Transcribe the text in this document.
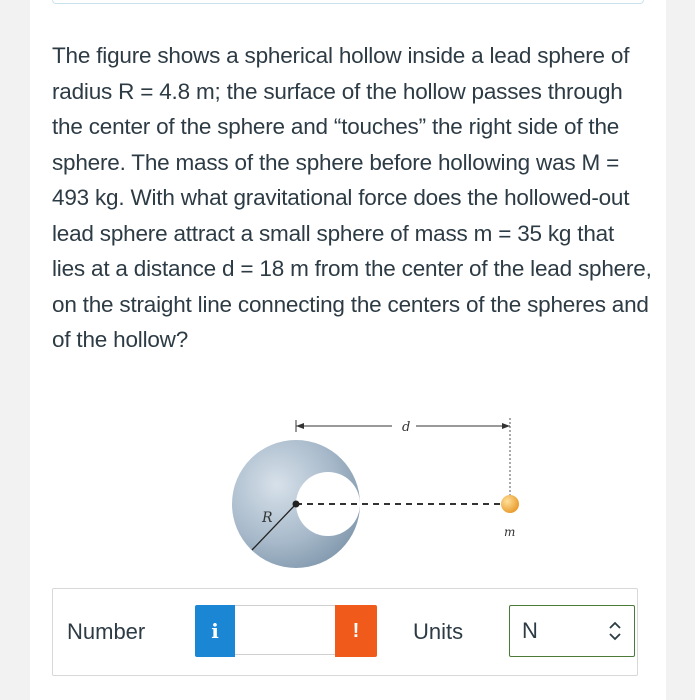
The figure shows a spherical hollow inside a lead sphere of radius R = 4.8 m; the surface of the hollow passes through the center of the sphere and “touches” the right side of the sphere. The mass of the sphere before hollowing was M = 493 kg. With what gravitational force does the hollowed-out lead sphere attract a small sphere of mass m = 35 kg that lies at a distance d = 18 m from the center of the lead sphere, on the straight line connecting the centers of the spheres and of the hollow?

d
R
m
Number	i	!	Units	N
